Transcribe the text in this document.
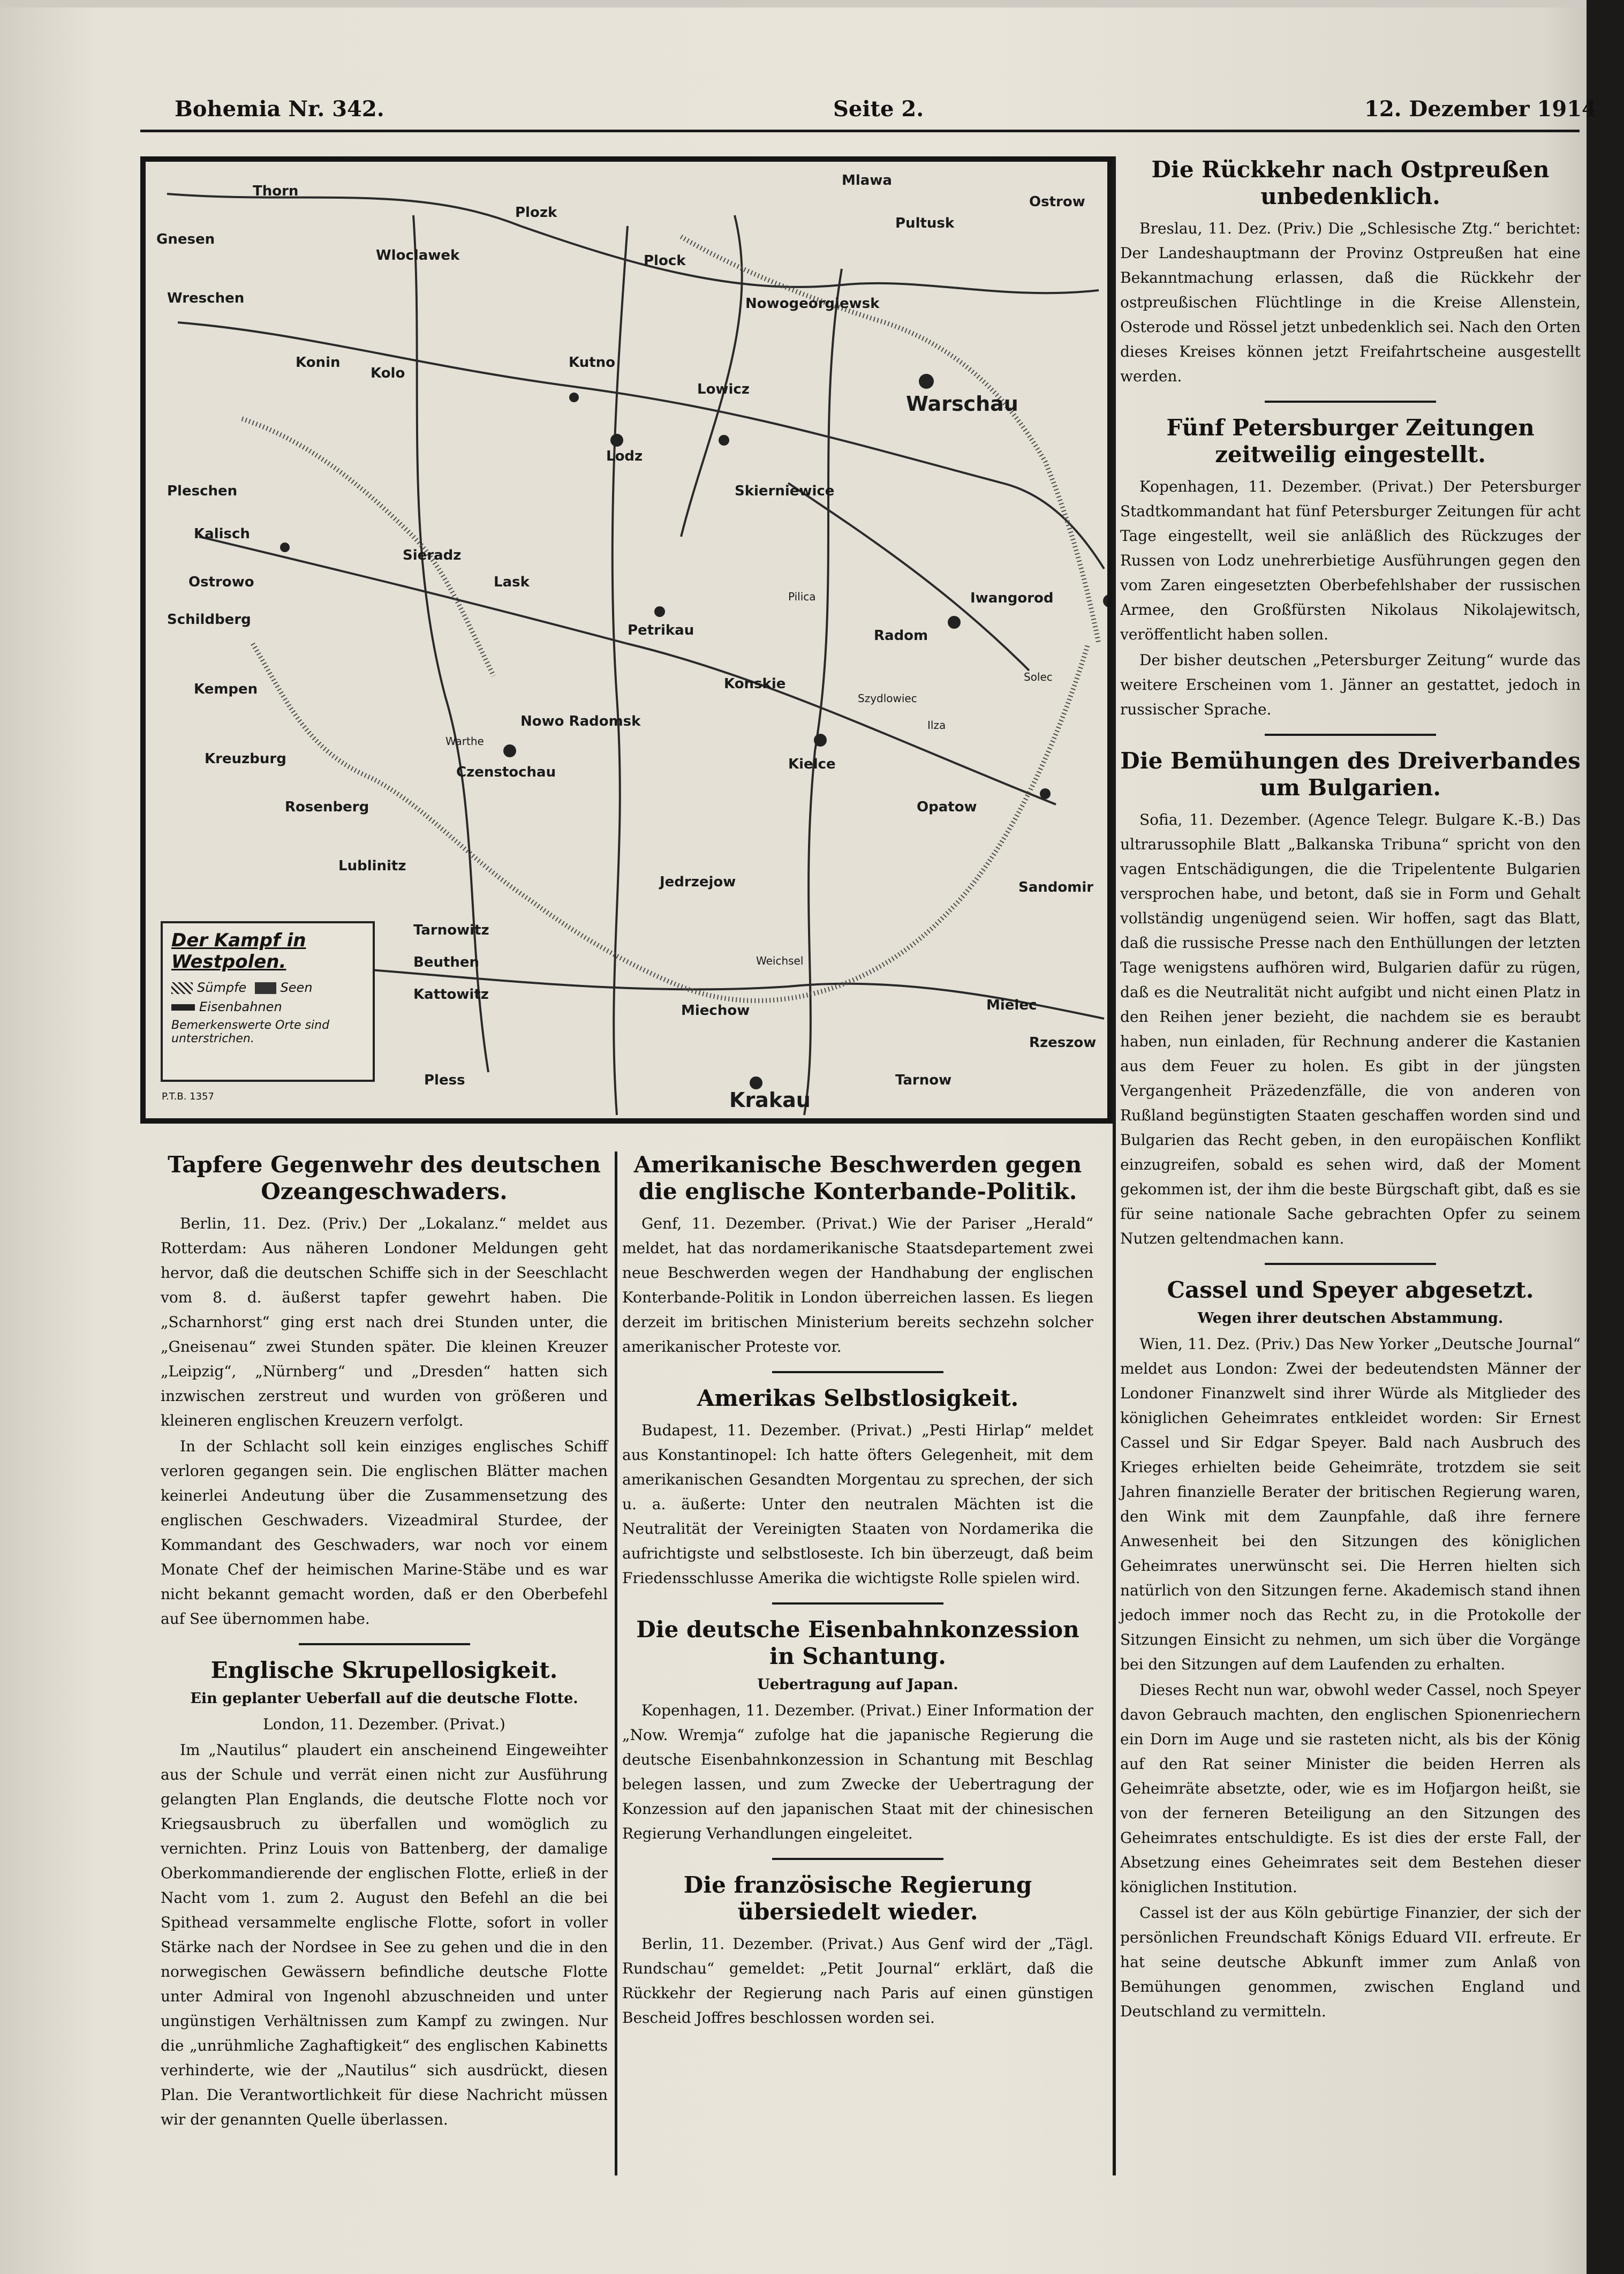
Bohemia Nr. 342.	Seite 2.	12. Dezember 1914
Warschau
Lodz
Lowicz
Kutno
Petrikau	Radom
Iwangorod
Kielce
Czenstochau
Krakau
Sandomir
Rzeszow
Kalisch
Plozk
Thorn
Skierniewice
Sieradz
Kempen
Kreuzburg
Rosenberg
Lublinitz
Beuthen
Kattowitz
Tarnowitz
Pless
Wreschen
Pleschen
Ostrowo
Schildberg
Lask
Kolo
Konin
Nowo Radomsk
Miechow
Jedrzejow
Opatow
Pilica
Warthe
Weichsel
Mielec
Tarnow
Gnesen
Wloclawek	Plock
Pultusk
Ostrow
Nowogeorgiewsk
Mlawa
Konskie
Szydlowiec
Ilza
Solec
Der Kampf in Westpolen.
Sümpfe	Seen
Eisenbahnen
Bemerkenswerte Orte sind unterstrichen.
P.T.B. 1357
Tapfere Gegenwehr des deutschen Ozeangeschwaders.

Berlin, 11. Dez. (Priv.) Der „Lokalanz.“ meldet aus Rotterdam: Aus näheren Londoner Meldungen geht hervor, daß die deutschen Schiffe sich in der Seeschlacht vom 8. d. äußerst tapfer gewehrt haben. Die „Scharnhorst“ ging erst nach drei Stunden unter, die „Gneisenau“ zwei Stunden später. Die kleinen Kreuzer „Leipzig“, „Nürnberg“ und „Dresden“ hatten sich inzwischen zerstreut und wurden von größeren und kleineren englischen Kreuzern verfolgt.

In der Schlacht soll kein einziges englisches Schiff verloren gegangen sein. Die englischen Blätter machen keinerlei Andeutung über die Zusammensetzung des englischen Geschwaders. Vizeadmiral Sturdee, der Kommandant des Geschwaders, war noch vor einem Monate Chef der heimischen Marine-Stäbe und es war nicht bekannt gemacht worden, daß er den Oberbefehl auf See übernommen habe.

Englische Skrupellosigkeit.
Ein geplanter Ueberfall auf die deutsche Flotte.

London, 11. Dezember. (Privat.)

Im „Nautilus“ plaudert ein anscheinend Eingeweihter aus der Schule und verrät einen nicht zur Ausführung gelangten Plan Englands, die deutsche Flotte noch vor Kriegsausbruch zu überfallen und womöglich zu vernichten. Prinz Louis von Battenberg, der damalige Oberkommandierende der englischen Flotte, erließ in der Nacht vom 1. zum 2. August den Befehl an die bei Spithead versammelte englische Flotte, sofort in voller Stärke nach der Nordsee in See zu gehen und die in den norwegischen Gewässern befindliche deutsche Flotte unter Admiral von Ingenohl abzuschneiden und unter ungünstigen Verhältnissen zum Kampf zu zwingen. Nur die „unrühmliche Zaghaftigkeit“ des englischen Kabinetts verhinderte, wie der „Nautilus“ sich ausdrückt, diesen Plan. Die Verantwortlichkeit für diese Nachricht müssen wir der genannten Quelle überlassen.

Amerikanische Beschwerden gegen die englische Konterbande-Politik.

Genf, 11. Dezember. (Privat.) Wie der Pariser „Herald“ meldet, hat das nordamerikanische Staatsdepartement zwei neue Beschwerden wegen der Handhabung der englischen Konterbande-Politik in London überreichen lassen. Es liegen derzeit im britischen Ministerium bereits sechzehn solcher amerikanischer Proteste vor.

Amerikas Selbstlosigkeit.

Budapest, 11. Dezember. (Privat.) „Pesti Hirlap“ meldet aus Konstantinopel: Ich hatte öfters Gelegenheit, mit dem amerikanischen Gesandten Morgentau zu sprechen, der sich u. a. äußerte: Unter den neutralen Mächten ist die Neutralität der Vereinigten Staaten von Nordamerika die aufrichtigste und selbstloseste. Ich bin überzeugt, daß beim Friedensschlusse Amerika die wichtigste Rolle spielen wird.

Die deutsche Eisenbahnkonzession in Schantung.
Uebertragung auf Japan.

Kopenhagen, 11. Dezember. (Privat.) Einer Information der „Now. Wremja“ zufolge hat die japanische Regierung die deutsche Eisenbahnkonzession in Schantung mit Beschlag belegen lassen, und zum Zwecke der Uebertragung der Konzession auf den japanischen Staat mit der chinesischen Regierung Verhandlungen eingeleitet.

Die französische Regierung übersiedelt wieder.

Berlin, 11. Dezember. (Privat.) Aus Genf wird der „Tägl. Rundschau“ gemeldet: „Petit Journal“ erklärt, daß die Rückkehr der Regierung nach Paris auf einen günstigen Bescheid Joffres beschlossen worden sei.

Die Rückkehr nach Ostpreußen unbedenklich.

Breslau, 11. Dez. (Priv.) Die „Schlesische Ztg.“ berichtet: Der Landeshauptmann der Provinz Ostpreußen hat eine Bekanntmachung erlassen, daß die Rückkehr der ostpreußischen Flüchtlinge in die Kreise Allenstein, Osterode und Rössel jetzt unbedenklich sei. Nach den Orten dieses Kreises können jetzt Freifahrtscheine ausgestellt werden.

Fünf Petersburger Zeitungen zeitweilig eingestellt.

Kopenhagen, 11. Dezember. (Privat.) Der Petersburger Stadtkommandant hat fünf Petersburger Zeitungen für acht Tage eingestellt, weil sie anläßlich des Rückzuges der Russen von Lodz unehrerbietige Ausführungen gegen den vom Zaren eingesetzten Oberbefehlshaber der russischen Armee, den Großfürsten Nikolaus Nikolajewitsch, veröffentlicht haben sollen.

Der bisher deutschen „Petersburger Zeitung“ wurde das weitere Erscheinen vom 1. Jänner an gestattet, jedoch in russischer Sprache.

Die Bemühungen des Dreiverbandes um Bulgarien.

Sofia, 11. Dezember. (Agence Telegr. Bulgare K.-B.) Das ultrarussophile Blatt „Balkanska Tribuna“ spricht von den vagen Entschädigungen, die die Tripelentente Bulgarien versprochen habe, und betont, daß sie in Form und Gehalt vollständig ungenügend seien. Wir hoffen, sagt das Blatt, daß die russische Presse nach den Enthüllungen der letzten Tage wenigstens aufhören wird, Bulgarien dafür zu rügen, daß es die Neutralität nicht aufgibt und nicht einen Platz in den Reihen jener bezieht, die nachdem sie es beraubt haben, nun einladen, für Rechnung anderer die Kastanien aus dem Feuer zu holen. Es gibt in der jüngsten Vergangenheit Präzedenzfälle, die von anderen von Rußland begünstigten Staaten geschaffen worden sind und Bulgarien das Recht geben, in den europäischen Konflikt einzugreifen, sobald es sehen wird, daß der Moment gekommen ist, der ihm die beste Bürgschaft gibt, daß es sie für seine nationale Sache gebrachten Opfer zu seinem Nutzen geltendmachen kann.

Cassel und Speyer abgesetzt.
Wegen ihrer deutschen Abstammung.

Wien, 11. Dez. (Priv.) Das New Yorker „Deutsche Journal“ meldet aus London: Zwei der bedeutendsten Männer der Londoner Finanzwelt sind ihrer Würde als Mitglieder des königlichen Geheimrates entkleidet worden: Sir Ernest Cassel und Sir Edgar Speyer. Bald nach Ausbruch des Krieges erhielten beide Geheimräte, trotzdem sie seit Jahren finanzielle Berater der britischen Regierung waren, den Wink mit dem Zaunpfahle, daß ihre fernere Anwesenheit bei den Sitzungen des königlichen Geheimrates unerwünscht sei. Die Herren hielten sich natürlich von den Sitzungen ferne. Akademisch stand ihnen jedoch immer noch das Recht zu, in die Protokolle der Sitzungen Einsicht zu nehmen, um sich über die Vorgänge bei den Sitzungen auf dem Laufenden zu erhalten.

Dieses Recht nun war, obwohl weder Cassel, noch Speyer davon Gebrauch machten, den englischen Spionenriechern ein Dorn im Auge und sie rasteten nicht, als bis der König auf den Rat seiner Minister die beiden Herren als Geheimräte absetzte, oder, wie es im Hofjargon heißt, sie von der ferneren Beteiligung an den Sitzungen des Geheimrates entschuldigte. Es ist dies der erste Fall, der Absetzung eines Geheimrates seit dem Bestehen dieser königlichen Institution.

Cassel ist der aus Köln gebürtige Finanzier, der sich der persönlichen Freundschaft Königs Eduard VII. erfreute. Er hat seine deutsche Abkunft immer zum Anlaß von Bemühungen genommen, zwischen England und Deutschland zu vermitteln.
